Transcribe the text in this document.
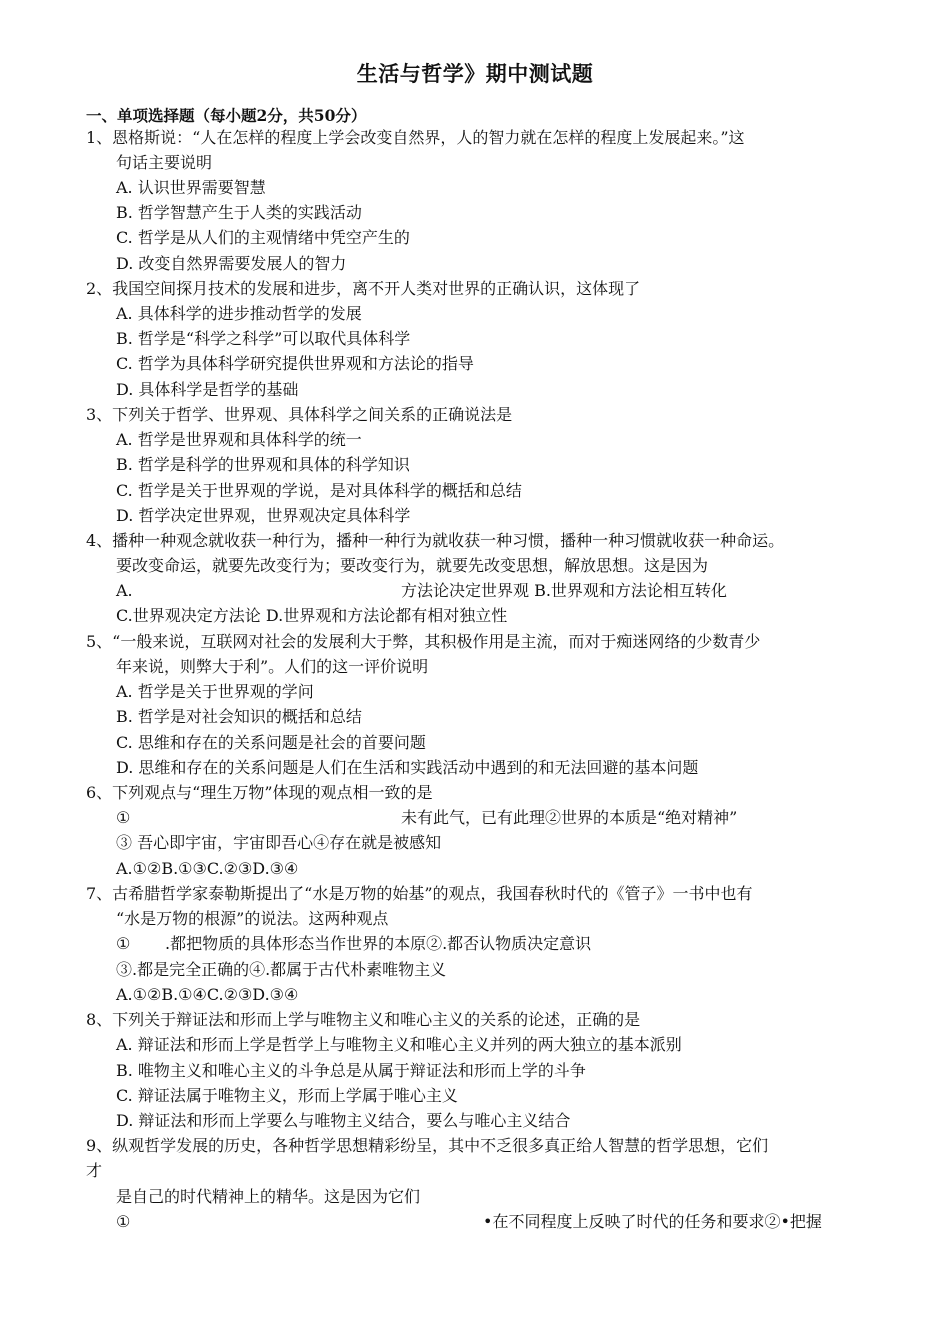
生活与哲学》期中测试题
一、单项选择题（每小题2分，共50分）
1、恩格斯说：“人在怎样的程度上学会改变自然界，人的智力就在怎样的程度上发展起来。”这
句话主要说明
A. 认识世界需要智慧
B. 哲学智慧产生于人类的实践活动
C. 哲学是从人们的主观情绪中凭空产生的
D. 改变自然界需要发展人的智力
2、我国空间探月技术的发展和进步，离不开人类对世界的正确认识，这体现了
A. 具体科学的进步推动哲学的发展
B. 哲学是“科学之科学”可以取代具体科学
C. 哲学为具体科学研究提供世界观和方法论的指导
D. 具体科学是哲学的基础
3、下列关于哲学、世界观、具体科学之间关系的正确说法是
A. 哲学是世界观和具体科学的统一
B. 哲学是科学的世界观和具体的科学知识
C. 哲学是关于世界观的学说，是对具体科学的概括和总结
D. 哲学决定世界观，世界观决定具体科学
4、播种一种观念就收获一种行为，播种一种行为就收获一种习惯，播种一种习惯就收获一种命运。
要改变命运，就要先改变行为；要改变行为，就要先改变思想，解放思想。这是因为
A.	方法论决定世界观 B.世界观和方法论相互转化
C.世界观决定方法论 D.世界观和方法论都有相对独立性
5、“一般来说，互联网对社会的发展利大于弊，其积极作用是主流，而对于痴迷网络的少数青少
年来说，则弊大于利”。人们的这一评价说明
A. 哲学是关于世界观的学问
B. 哲学是对社会知识的概括和总结
C. 思维和存在的关系问题是社会的首要问题
D. 思维和存在的关系问题是人们在生活和实践活动中遇到的和无法回避的基本问题
6、下列观点与“理生万物”体现的观点相一致的是
①	未有此气，已有此理②世界的本质是“绝对精神”
③ 吾心即宇宙，宇宙即吾心④存在就是被感知
A.①②B.①③C.②③D.③④
7、古希腊哲学家泰勒斯提出了“水是万物的始基”的观点，我国春秋时代的《管子》一书中也有
“水是万物的根源”的说法。这两种观点
① .都把物质的具体形态当作世界的本原②.都否认物质决定意识
③.都是完全正确的④.都属于古代朴素唯物主义
A.①②B.①④C.②③D.③④
8、下列关于辩证法和形而上学与唯物主义和唯心主义的关系的论述，正确的是
A. 辩证法和形而上学是哲学上与唯物主义和唯心主义并列的两大独立的基本派别
B. 唯物主义和唯心主义的斗争总是从属于辩证法和形而上学的斗争
C. 辩证法属于唯物主义，形而上学属于唯心主义
D. 辩证法和形而上学要么与唯物主义结合，要么与唯心主义结合
9、纵观哲学发展的历史，各种哲学思想精彩纷呈，其中不乏很多真正给人智慧的哲学思想，它们
才
是自己的时代精神上的精华。这是因为它们
①	•在不同程度上反映了时代的任务和要求②•把握
